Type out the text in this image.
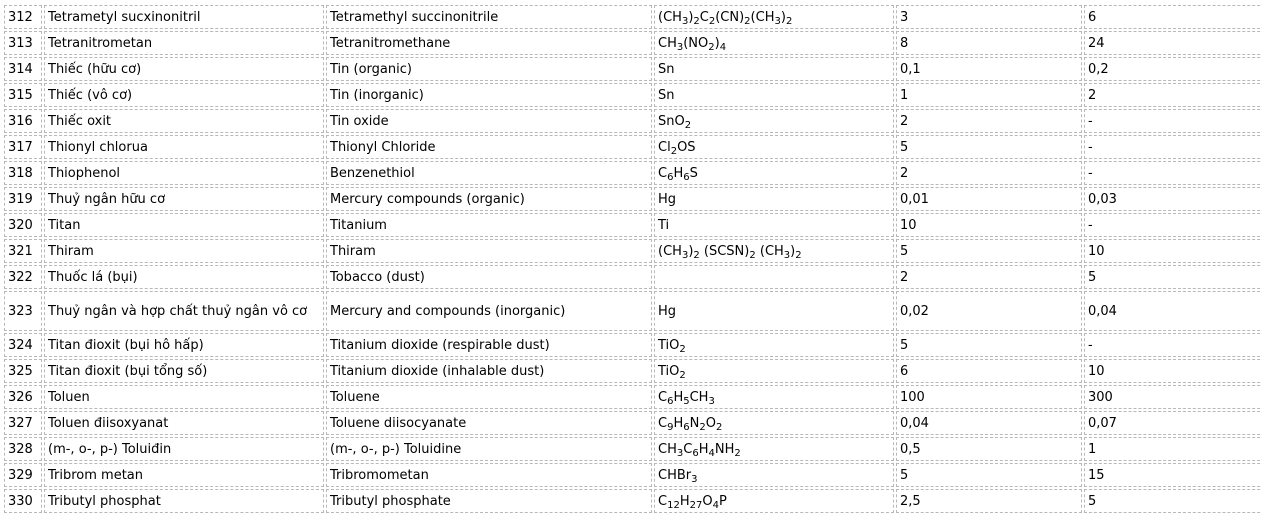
312	Tetrametyl sucxinonitril	Tetramethyl succinonitrile	$(CH_3)_2C_2(CN)_2(CH_3)_2$	3	6
313	Tetranitrometan	Tetranitromethane	$CH_3(NO_2)_4$	8	24
314	Thiếc (hữu cơ)	Tin (organic)	Sn	0,1	0,2
315	Thiếc (vô cơ)	Tin (inorganic)	Sn	1	2
316	Thiếc oxit	Tin oxide	SnO$_2$	2	-
317	Thionyl chlorua	Thionyl Chloride	$Cl_2OS$	5	-
318	Thiophenol	Benzenethiol	$C_6H_6S$	2	-
319	Thuỷ ngân hữu cơ	Mercury compounds (organic)	Hg	0,01	0,03
320	Titan	Titanium	Ti	10	-
321	Thiram	Thiram	$(CH_3)_2$ $(SCSN)_2$ $(CH_3)_2$	5	10
322	Thuốc lá (bụi)	Tobacco (dust)		2	5
323	Thuỷ ngân và hợp chất thuỷ ngân vô cơ	Mercury and compounds (inorganic)	Hg	0,02	0,04
324	Titan đioxit (bụi hô hấp)	Titanium dioxide (respirable dust)	TiO$_2$	5	-
325	Titan đioxit (bụi tổng số)	Titanium dioxide (inhalable dust)	TiO$_2$	6	10
326	Toluen	Toluene	$C_6H_5CH_3$	100	300
327	Toluen điisoxyanat	Toluene diisocyanate	$C_9H_6N_2O_2$	0,04	0,07
328	(m-, o-, p-) Toluiđin	(m-, o-, p-) Toluidine	$CH_3C_6H_4NH_2$	0,5	1
329	Tribrom metan	Tribromometan	CHBr$_3$	5	15
330	Tributyl phosphat	Tributyl phosphate	$C_{12}H_{27}O_4P$	2,5	5
